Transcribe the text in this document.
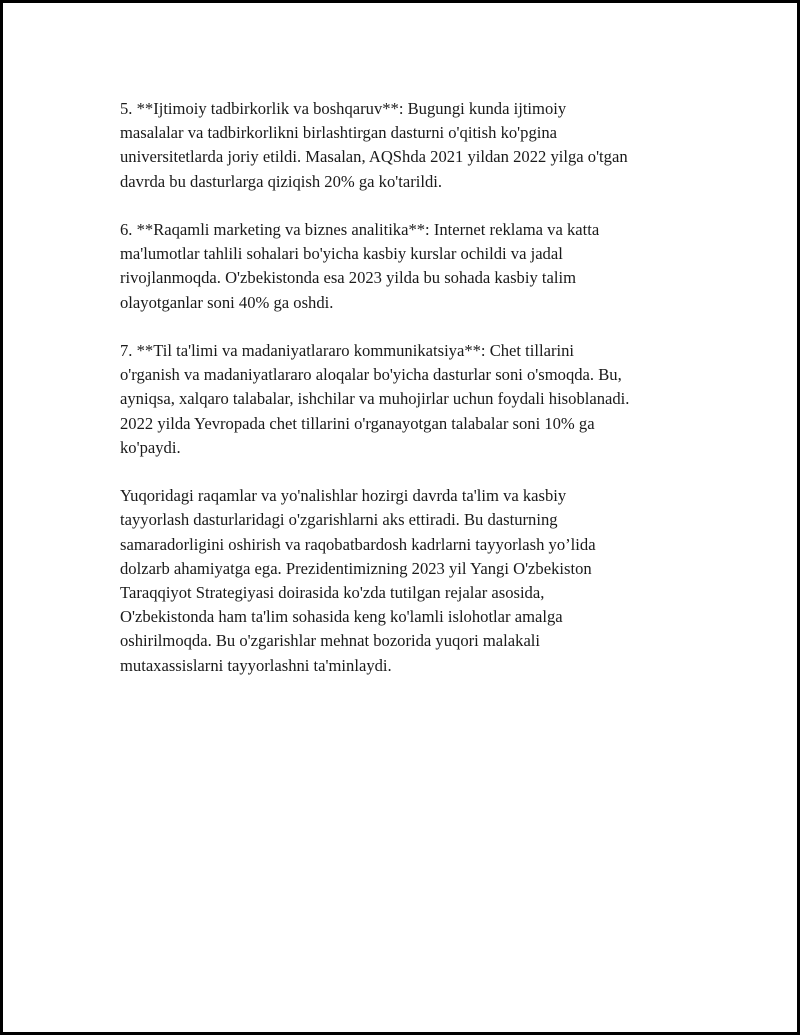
5. **Ijtimoiy tadbirkorlik va boshqaruv**: Bugungi kunda ijtimoiy
masalalar va tadbirkorlikni birlashtirgan dasturni o'qitish ko'pgina
universitetlarda joriy etildi. Masalan, AQShda 2021 yildan 2022 yilga o'tgan
davrda bu dasturlarga qiziqish 20% ga ko'tarildi.

6. **Raqamli marketing va biznes analitika**: Internet reklama va katta
ma'lumotlar tahlili sohalari bo'yicha kasbiy kurslar ochildi va jadal
rivojlanmoqda. O'zbekistonda esa 2023 yilda bu sohada kasbiy talim
olayotganlar soni 40% ga oshdi.

7. **Til ta'limi va madaniyatlararo kommunikatsiya**: Chet tillarini
o'rganish va madaniyatlararo aloqalar bo'yicha dasturlar soni o'smoqda. Bu,
ayniqsa, xalqaro talabalar, ishchilar va muhojirlar uchun foydali hisoblanadi.
2022 yilda Yevropada chet tillarini o'rganayotgan talabalar soni 10% ga
ko'paydi.

Yuqoridagi raqamlar va yo'nalishlar hozirgi davrda ta'lim va kasbiy
tayyorlash dasturlaridagi o'zgarishlarni aks ettiradi. Bu dasturning
samaradorligini oshirish va raqobatbardosh kadrlarni tayyorlash yo’lida
dolzarb ahamiyatga ega. Prezidentimizning 2023 yil Yangi O'zbekiston
Taraqqiyot Strategiyasi doirasida ko'zda tutilgan rejalar asosida,
O'zbekistonda ham ta'lim sohasida keng ko'lamli islohotlar amalga
oshirilmoqda. Bu o'zgarishlar mehnat bozorida yuqori malakali
mutaxassislarni tayyorlashni ta'minlaydi.
